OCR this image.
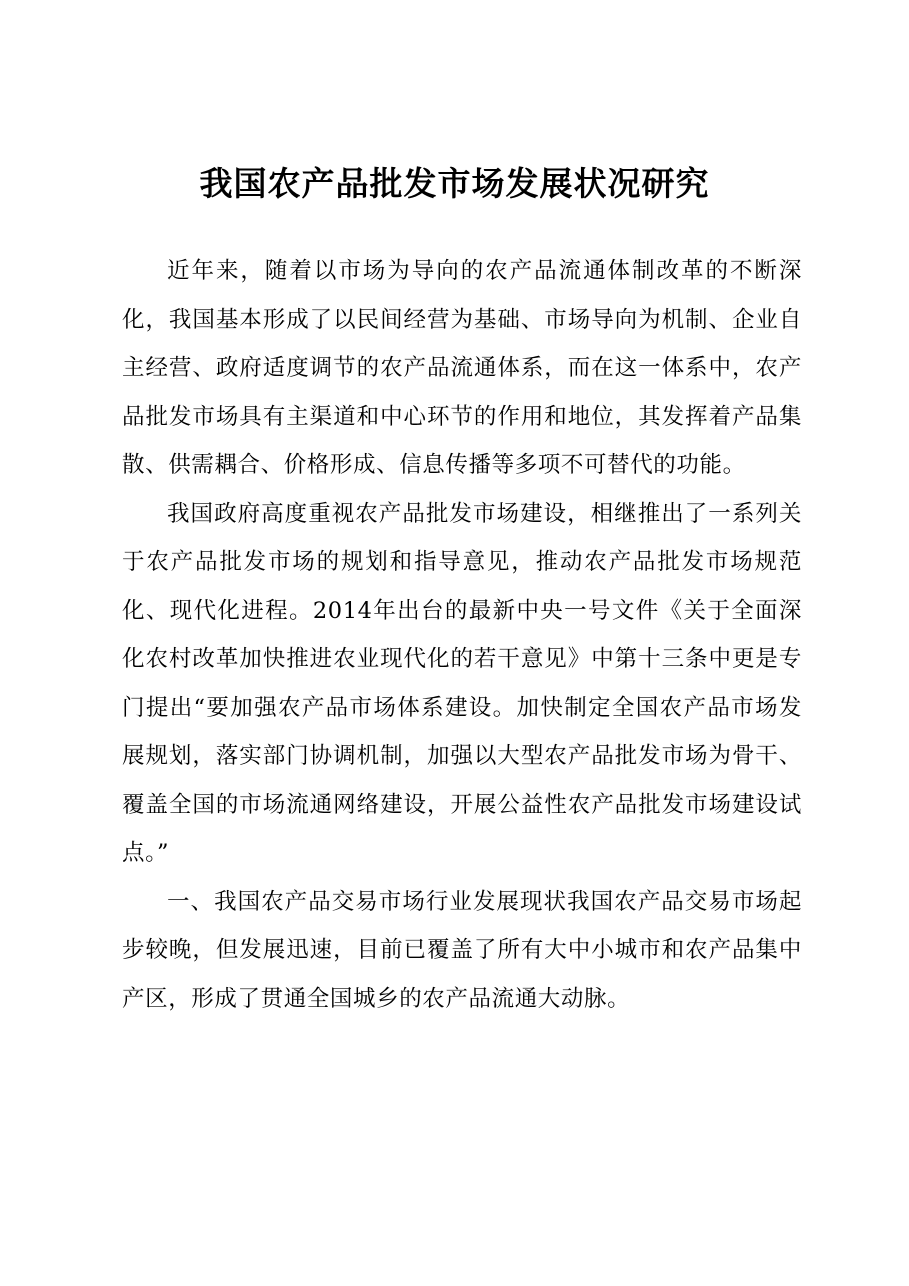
我国农产品批发市场发展状况研究

近年来，随着以市场为导向的农产品流通体制改革的不断深化，我国基本形成了以民间经营为基础、市场导向为机制、企业自主经营、政府适度调节的农产品流通体系，而在这一体系中，农产品批发市场具有主渠道和中心环节的作用和地位，其发挥着产品集散、供需耦合、价格形成、信息传播等多项不可替代的功能。

我国政府高度重视农产品批发市场建设，相继推出了一系列关于农产品批发市场的规划和指导意见，推动农产品批发市场规范化、现代化进程。2014年出台的最新中央一号文件《关于全面深化农村改革加快推进农业现代化的若干意见》中第十三条中更是专门提出“要加强农产品市场体系建设。加快制定全国农产品市场发展规划，落实部门协调机制，加强以大型农产品批发市场为骨干、覆盖全国的市场流通网络建设，开展公益性农产品批发市场建设试点。”

一、我国农产品交易市场行业发展现状我国农产品交易市场起步较晚，但发展迅速，目前已覆盖了所有大中小城市和农产品集中产区，形成了贯通全国城乡的农产品流通大动脉。
